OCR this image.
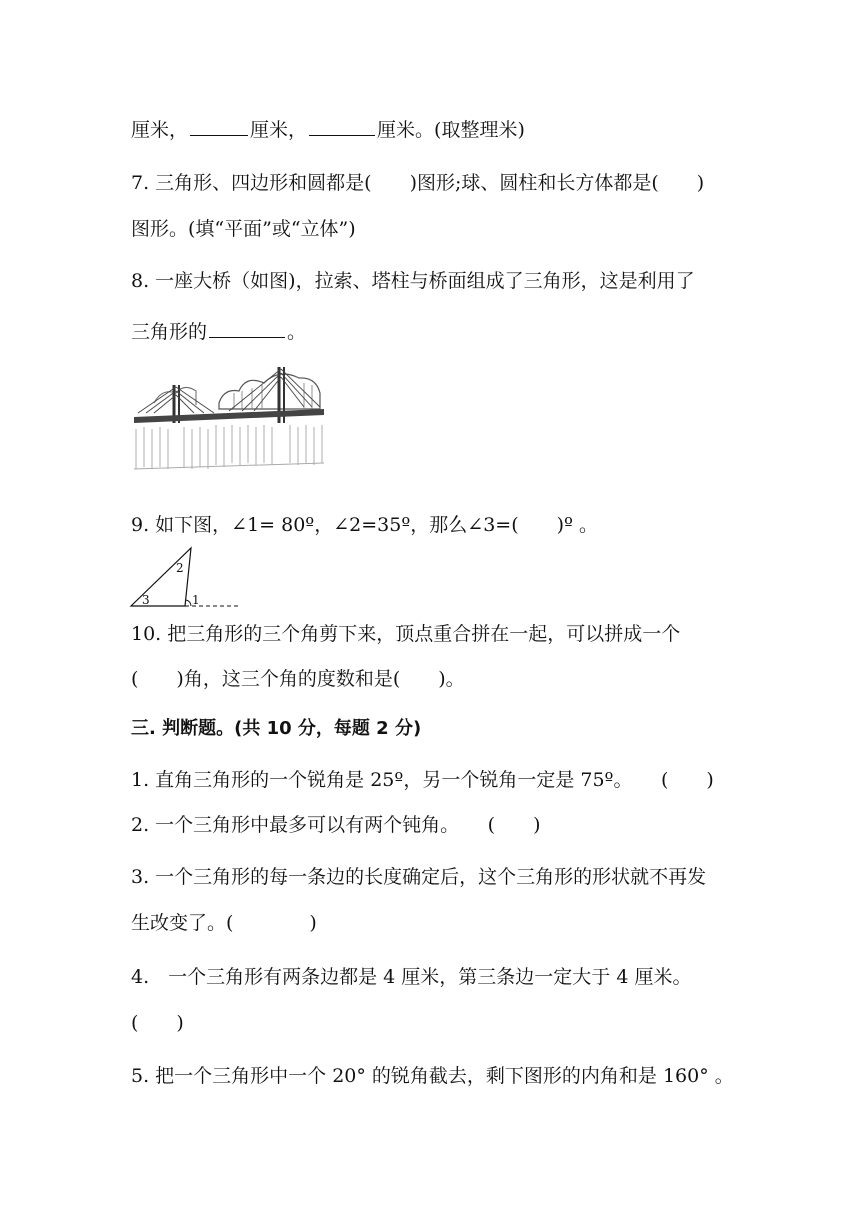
厘米，	厘米，	厘米。(取整理米)
7. 三角形、四边形和圆都是(　　)图形;球、圆柱和长方体都是(　　)
图形。(填“平面”或“立体”)
8. 一座大桥（如图)，拉索、塔柱与桥面组成了三角形，这是利用了
三角形的	。
9. 如下图，∠1= 80º，∠2=35º，那么∠3=(　　)º 。
2
3	1
10. 把三角形的三个角剪下来，顶点重合拼在一起，可以拼成一个
(　　)角，这三个角的度数和是(　　)。
三. 判断题。(共 10 分，每题 2 分)
1. 直角三角形的一个锐角是 25º，另一个锐角一定是 75º。　　(　　)
2. 一个三角形中最多可以有两个钝角。　　(　　)
3. 一个三角形的每一条边的长度确定后，这个三角形的形状就不再发
生改变了。(　　　　)
4.　一个三角形有两条边都是 4 厘米，第三条边一定大于 4 厘米。
(　　)
5. 把一个三角形中一个 20° 的锐角截去，剩下图形的内角和是 160° 。
